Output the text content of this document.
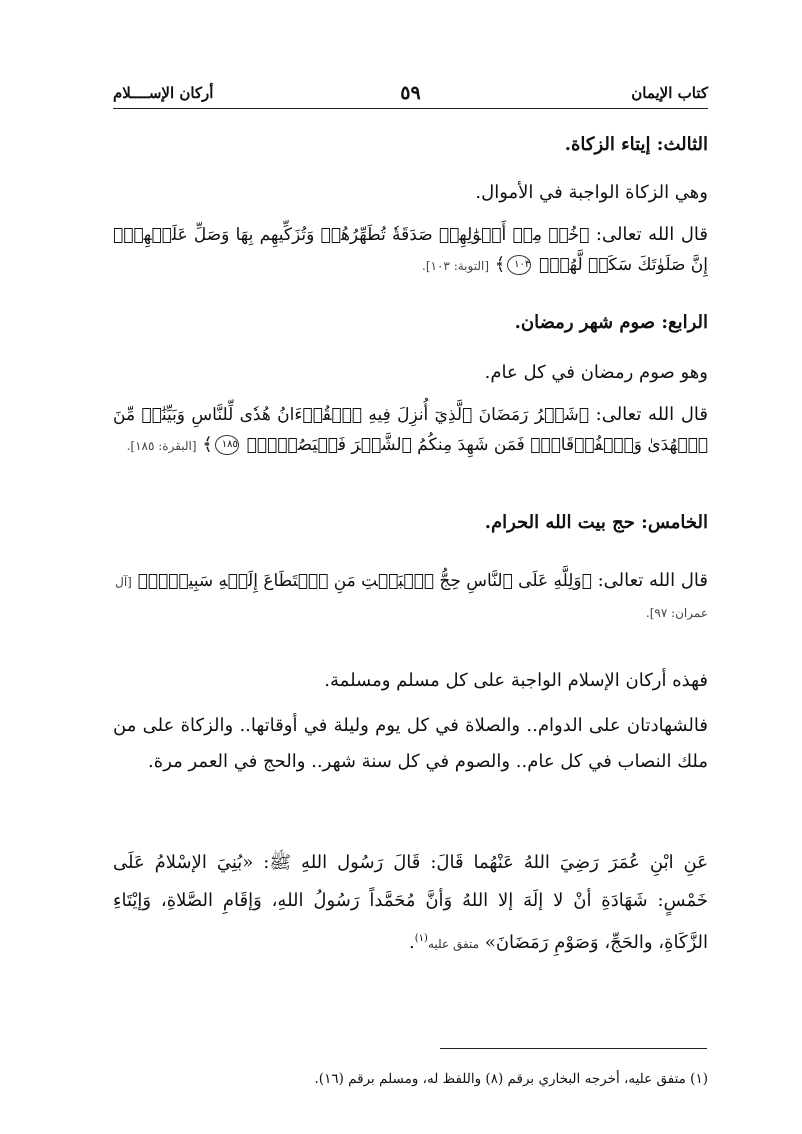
كتاب الإيمان
٥٩
أركان الإســــلام
الثالث: إيتاء الزكاة.
وهي الزكاة الواجبة في الأموال.
قال الله تعالى: ﴿خُذۡ مِنۡ أَمۡوَٰلِهِمۡ صَدَقَةٗ تُطَهِّرُهُمۡ وَتُزَكِّيهِم بِهَا وَصَلِّ عَلَيۡهِمۡۖ إِنَّ صَلَوٰتَكَ سَكَنٞ لَّهُمۡۗ ١٠٣﴾ [التوبة: ١٠٣].
الرابع: صوم شهر رمضان.
وهو صوم رمضان في كل عام.
قال الله تعالى: ﴿شَهۡرُ رَمَضَانَ ٱلَّذِيٓ أُنزِلَ فِيهِ ٱلۡقُرۡءَانُ هُدٗى لِّلنَّاسِ وَبَيِّنَٰتٖ مِّنَ ٱلۡهُدَىٰ وَٱلۡفُرۡقَانِۚ فَمَن شَهِدَ مِنكُمُ ٱلشَّهۡرَ فَلۡيَصُمۡهُۖ ١٨٥﴾ [البقرة: ١٨٥].
الخامس: حج بيت الله الحرام.
قال الله تعالى: ﴿وَلِلَّهِ عَلَى ٱلنَّاسِ حِجُّ ٱلۡبَيۡتِ مَنِ ٱسۡتَطَاعَ إِلَيۡهِ سَبِيلٗاۚ﴾ [آل عمران: ٩٧].
فهذه أركان الإسلام الواجبة على كل مسلم ومسلمة.
فالشهادتان على الدوام.. والصلاة في كل يوم وليلة في أوقاتها.. والزكاة على من ملك النصاب في كل عام.. والصوم في كل سنة شهر.. والحج في العمر مرة.
عَنِ ابْنِ عُمَرَ رَضِيَ اللهُ عَنْهُما قَالَ: قَالَ رَسُول اللهِ ﷺ: «بُنِيَ الإسْلامُ عَلَى خَمْسٍ: شَهَادَةِ أنْ لا إلَهَ إلا اللهُ وَأنَّ مُحَمَّداً رَسُولُ اللهِ، وَإقَامِ الصَّلاةِ، وَإيْتَاءِ الزَّكَاةِ، والحَجِّ، وَصَوْمِ رَمَضَانَ» متفق عليه$^{(١)}$.
(١) متفق عليه، أخرجه البخاري برقم (٨) واللفظ له، ومسلم برقم (١٦).
